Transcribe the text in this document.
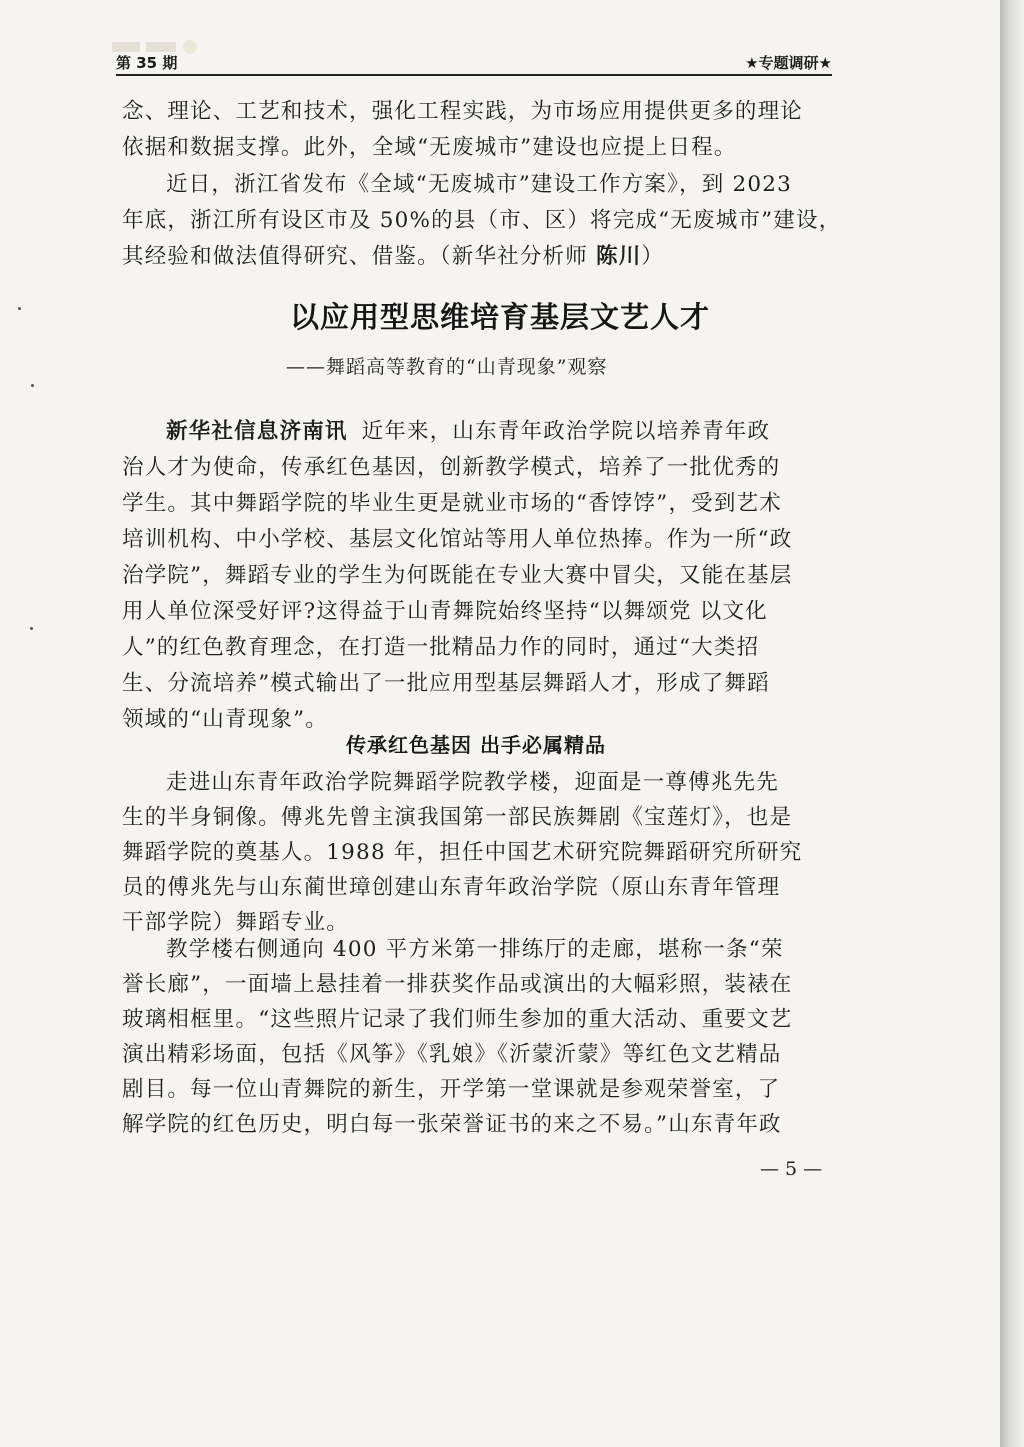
第 35 期	★专题调研★
念、理论、工艺和技术，强化工程实践，为市场应用提供更多的理论
依据和数据支撑。此外，全域“无废城市”建设也应提上日程。
近日，浙江省发布《全域“无废城市”建设工作方案》，到 2023
年底，浙江所有设区市及 50%的县（市、区）将完成“无废城市”建设，
其经验和做法值得研究、借鉴。（新华社分析师 陈川）
以应用型思维培育基层文艺人才
——舞蹈高等教育的“山青现象”观察
新华社信息济南讯 近年来，山东青年政治学院以培养青年政
治人才为使命，传承红色基因，创新教学模式，培养了一批优秀的
学生。其中舞蹈学院的毕业生更是就业市场的“香饽饽”，受到艺术
培训机构、中小学校、基层文化馆站等用人单位热捧。作为一所“政
治学院”，舞蹈专业的学生为何既能在专业大赛中冒尖，又能在基层
用人单位深受好评?这得益于山青舞院始终坚持“以舞颂党 以文化
人”的红色教育理念，在打造一批精品力作的同时，通过“大类招
生、分流培养”模式输出了一批应用型基层舞蹈人才，形成了舞蹈
领域的“山青现象”。
传承红色基因 出手必属精品
走进山东青年政治学院舞蹈学院教学楼，迎面是一尊傅兆先先
生的半身铜像。傅兆先曾主演我国第一部民族舞剧《宝莲灯》，也是
舞蹈学院的奠基人。1988 年，担任中国艺术研究院舞蹈研究所研究
员的傅兆先与山东蔺世璋创建山东青年政治学院（原山东青年管理
干部学院）舞蹈专业。
教学楼右侧通向 400 平方米第一排练厅的走廊，堪称一条“荣
誉长廊”，一面墙上悬挂着一排获奖作品或演出的大幅彩照，装裱在
玻璃相框里。“这些照片记录了我们师生参加的重大活动、重要文艺
演出精彩场面，包括《风筝》《乳娘》《沂蒙沂蒙》等红色文艺精品
剧目。每一位山青舞院的新生，开学第一堂课就是参观荣誉室，了
解学院的红色历史，明白每一张荣誉证书的来之不易。”山东青年政
— 5 —
